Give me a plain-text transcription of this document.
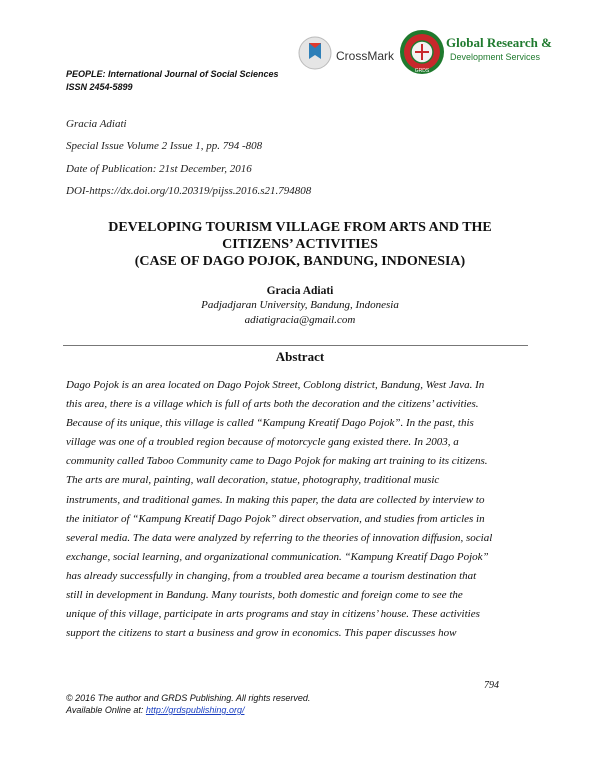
CrossMark
GRDS
Global Research &
Development Services
PEOPLE: International Journal of Social Sciences
ISSN 2454-5899
Gracia Adiati
Special Issue Volume 2 Issue 1, pp. 794 -808
Date of Publication: 21st December, 2016
DOI-https://dx.doi.org/10.20319/pijss.2016.s21.794808
DEVELOPING TOURISM VILLAGE FROM ARTS AND THE
CITIZENS’ ACTIVITIES
(CASE OF DAGO POJOK, BANDUNG, INDONESIA)
Gracia Adiati
Padjadjaran University, Bandung, Indonesia
adiatigracia@gmail.com
Abstract
Dago Pojok is an area located on Dago Pojok Street, Coblong district, Bandung, West Java. In
this area, there is a village which is full of arts both the decoration and the citizens’ activities.
Because of its unique, this village is called “Kampung Kreatif Dago Pojok”. In the past, this
village was one of a troubled region because of motorcycle gang existed there. In 2003, a
community called Taboo Community came to Dago Pojok for making art training to its citizens.
The arts are mural, painting, wall decoration, statue, photography, traditional music
instruments, and traditional games. In making this paper, the data are collected by interview to
the initiator of “Kampung Kreatif Dago Pojok” direct observation, and studies from articles in
several media. The data were analyzed by referring to the theories of innovation diffusion, social
exchange, social learning, and organizational communication. “Kampung Kreatif Dago Pojok”
has already successfully in changing, from a troubled area became a tourism destination that
still in development in Bandung. Many tourists, both domestic and foreign come to see the
unique of this village, participate in arts programs and stay in citizens’ house. These activities
support the citizens to start a business and grow in economics. This paper discusses how
794
© 2016 The author and GRDS Publishing. All rights reserved.
Available Online at: http://grdspublishing.org/
